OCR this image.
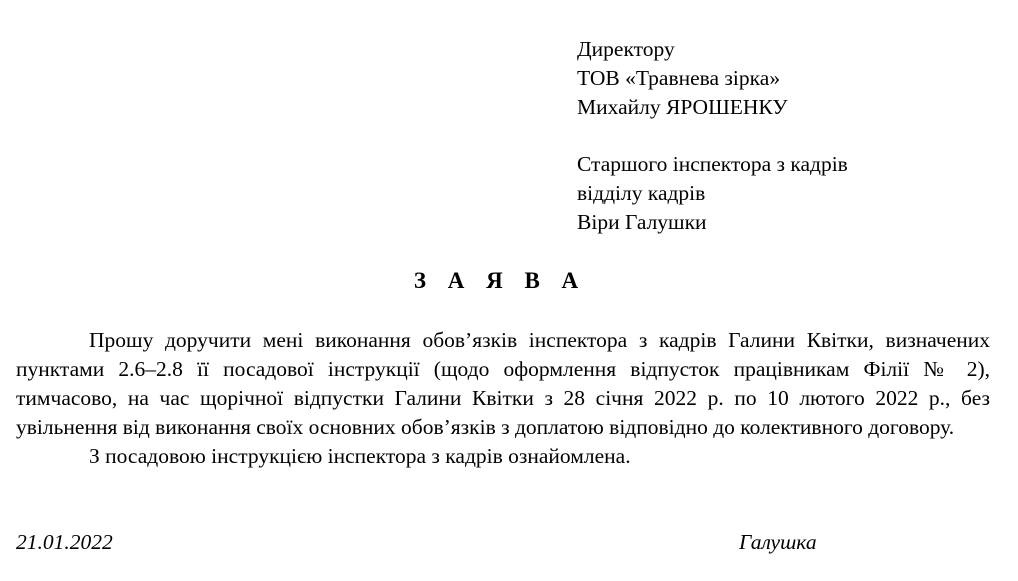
Директору
ТОВ «Травнева зірка»
Михайлу ЯРОШЕНКУ
Старшого інспектора з кадрів
відділу кадрів
Віри Галушки
З А Я В А

Прошу доручити мені виконання обов’язків інспектора з кадрів Галини Квітки, визначених пунктами 2.6–2.8 її посадової інструкції (щодо оформлення відпусток працівникам Філії № 2), тимчасово, на час щорічної відпустки Галини Квітки з 28 січня 2022 р. по 10 лютого 2022 р., без увільнення від виконання своїх основних обов’язків з доплатою відповідно до колективного договору.

З посадовою інструкцією інспектора з кадрів ознайомлена.

21.01.2022	Галушка
